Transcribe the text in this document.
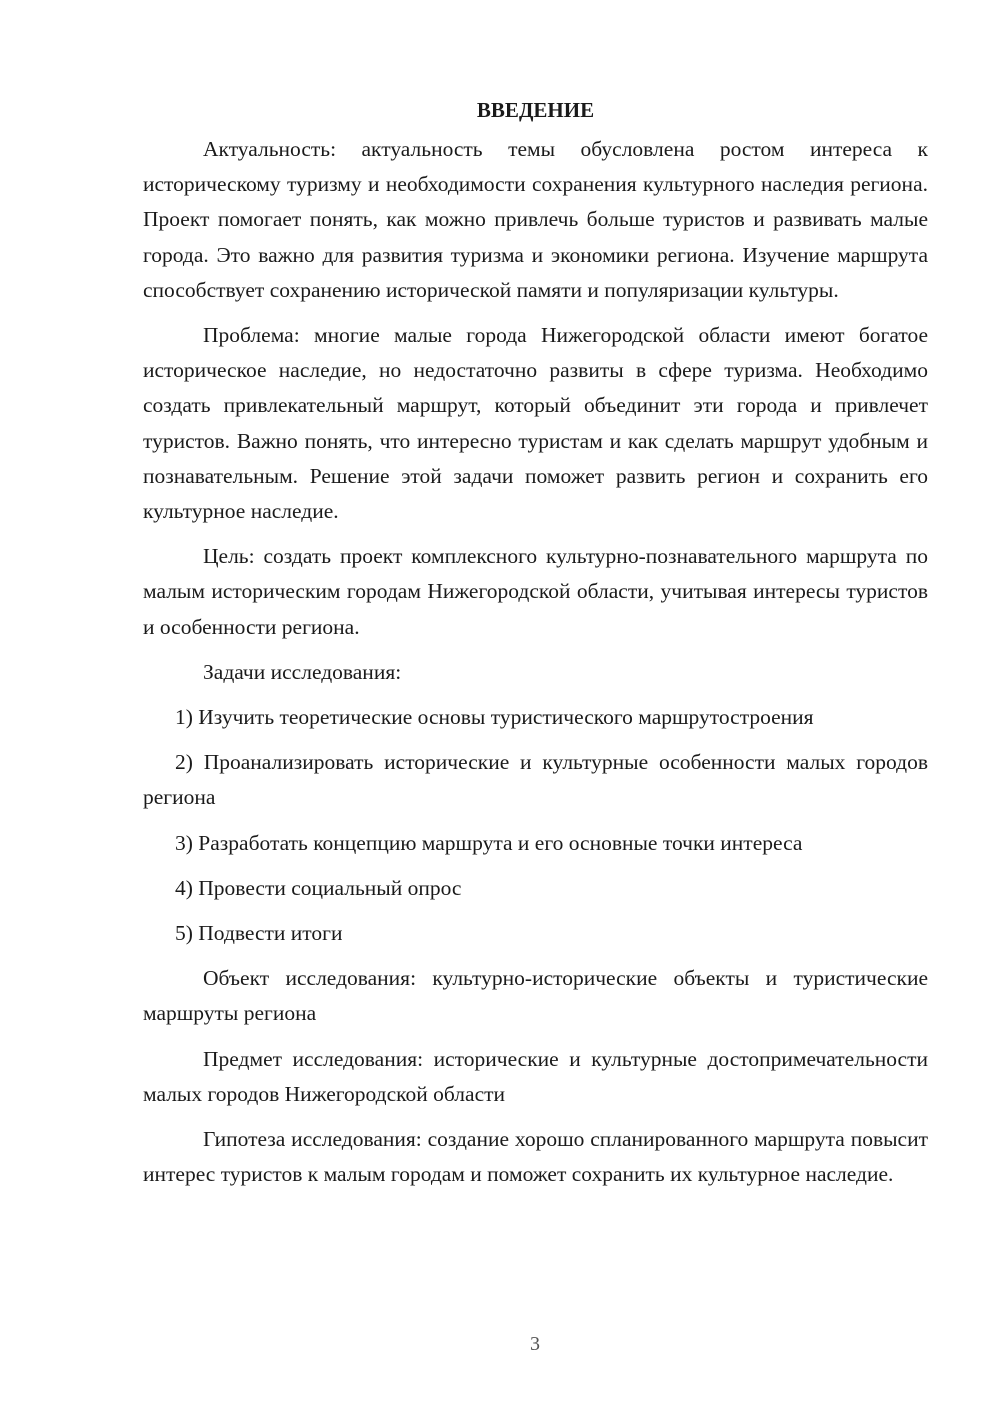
ВВЕДЕНИЕ

Актуальность: актуальность темы обусловлена ростом интереса к историческому туризму и необходимости сохранения культурного наследия региона. Проект помогает понять, как можно привлечь больше туристов и развивать малые города. Это важно для развития туризма и экономики региона. Изучение маршрута способствует сохранению исторической памяти и популяризации культуры.

Проблема: многие малые города Нижегородской области имеют богатое историческое наследие, но недостаточно развиты в сфере туризма. Необходимо создать привлекательный маршрут, который объединит эти города и привлечет туристов. Важно понять, что интересно туристам и как сделать маршрут удобным и познавательным. Решение этой задачи поможет развить регион и сохранить его культурное наследие.

Цель: создать проект комплексного культурно-познавательного маршрута по малым историческим городам Нижегородской области, учитывая интересы туристов и особенности региона.

Задачи исследования:

1) Изучить теоретические основы туристического маршрутостроения

2) Проанализировать исторические и культурные особенности малых городов региона

3) Разработать концепцию маршрута и его основные точки интереса

4) Провести социальный опрос

5) Подвести итоги

Объект исследования: культурно-исторические объекты и туристические маршруты региона

Предмет исследования: исторические и культурные достопримечательности малых городов Нижегородской области

Гипотеза исследования: создание хорошо спланированного маршрута повысит интерес туристов к малым городам и поможет сохранить их культурное наследие.

3
